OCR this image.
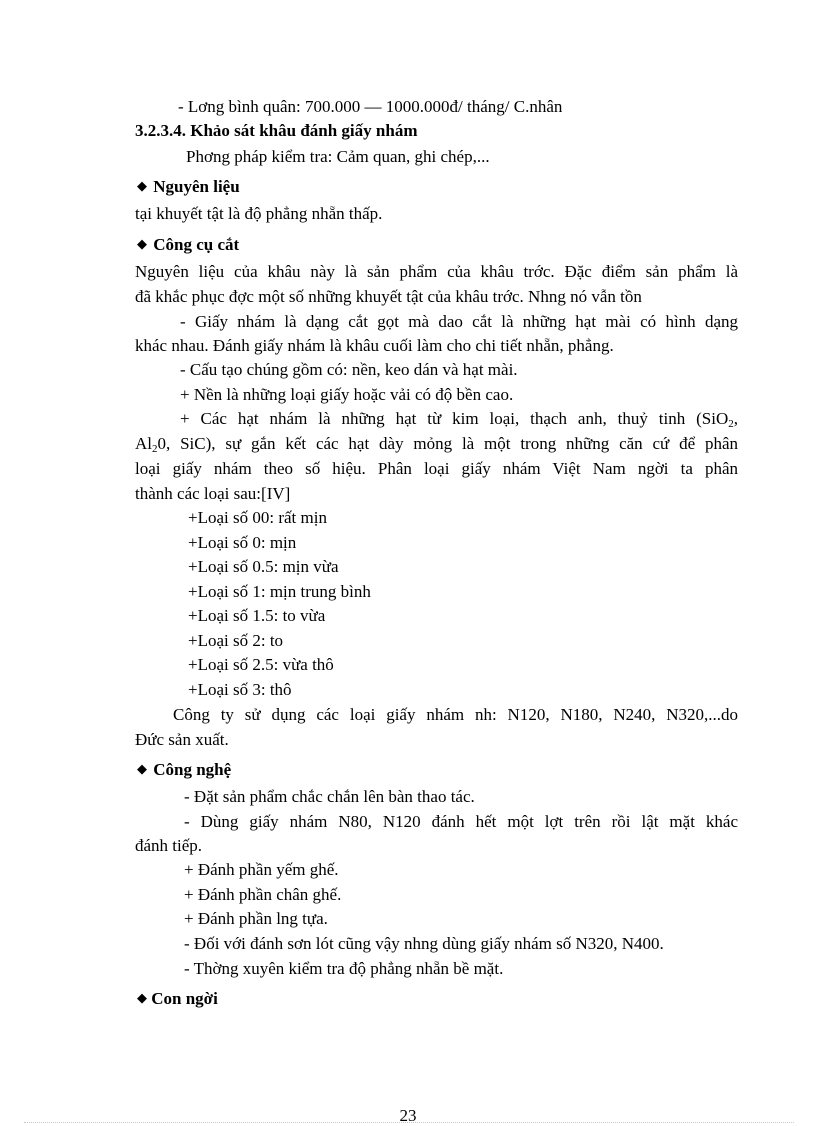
- Lơng bình quân: 700.000 — 1000.000đ/ tháng/ C.nhân
3.2.3.4. Khảo sát khâu đánh giấy nhám
Phơng pháp kiểm tra: Cảm quan, ghi chép,...
◆ Nguyên liệu
tại khuyết tật là độ phẳng nhẵn thấp.
◆ Công cụ cắt
Nguyên liệu của khâu này là sản phẩm của khâu trớc. Đặc điểm sản phẩm là
đã khắc phục đợc một số những khuyết tật của khâu trớc. Nhng nó vẫn tồn
- Giấy nhám là dạng cắt gọt mà dao cắt là những hạt mài có hình dạng
khác nhau. Đánh giấy nhám là khâu cuối làm cho chi tiết nhẵn, phẳng.
- Cấu tạo chúng gồm có: nền, keo dán và hạt mài.
+ Nền là những loại giấy hoặc vải có độ bền cao.
+ Các hạt nhám là những hạt từ kim loại, thạch anh, thuỷ tinh (SiO$_2$,
$Al_20$, SiC), sự gắn kết các hạt dày mỏng là một trong những căn cứ để phân
loại giấy nhám theo số hiệu. Phân loại giấy nhám Việt Nam ngời ta phân
thành các loại sau:[IV]
+Loại số 00: rất mịn
+Loại số 0: mịn
+Loại số 0.5: mịn vừa
+Loại số 1: mịn trung bình
+Loại số 1.5: to vừa
+Loại số 2: to
+Loại số 2.5: vừa thô
+Loại số 3: thô
Công ty sử dụng các loại giấy nhám nh: N120, N180, N240, N320,...do
Đức sản xuất.
◆ Công nghệ
- Đặt sản phẩm chắc chắn lên bàn thao tác.
- Dùng giấy nhám N80, N120 đánh hết một lợt trên rồi lật mặt khác
đánh tiếp.
+ Đánh phần yếm ghế.
+ Đánh phần chân ghế.
+ Đánh phần lng tựa.
- Đối với đánh sơn lót cũng vậy nhng dùng giấy nhám số N320, N400.
- Thờng xuyên kiểm tra độ phẳng nhẵn bề mặt.
◆ Con ngời
23
